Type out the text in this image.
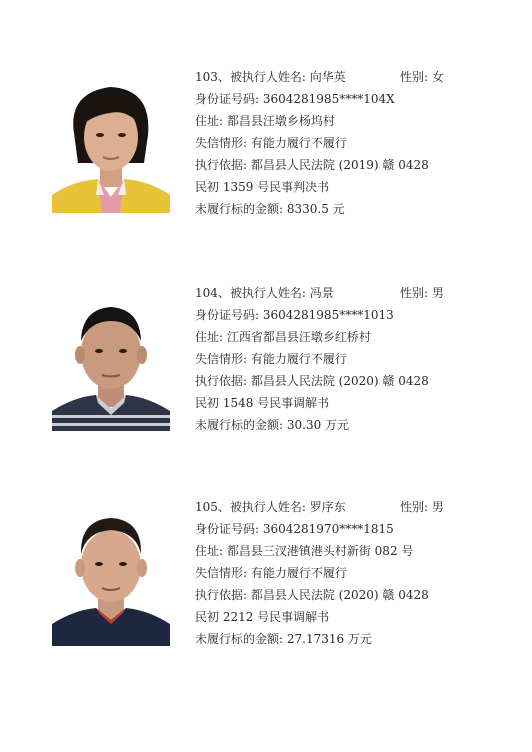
103、被执行人姓名: 向华英	性别: 女
身份证号码: 3604281985****104X
住址: 都昌县汪墩乡杨坞村
失信情形: 有能力履行不履行
执行依据: 都昌县人民法院 (2019) 赣 0428
民初 1359 号民事判决书
未履行标的金额: 8330.5 元
104、被执行人姓名: 冯景	性别: 男
身份证号码: 3604281985****1013
住址: 江西省都昌县汪墩乡红桥村
失信情形: 有能力履行不履行
执行依据: 都昌县人民法院 (2020) 赣 0428
民初 1548 号民事调解书
未履行标的金额: 30.30 万元
105、被执行人姓名: 罗序东	性别: 男
身份证号码: 3604281970****1815
住址: 都昌县三汊港镇港头村新街 082 号
失信情形: 有能力履行不履行
执行依据: 都昌县人民法院 (2020) 赣 0428
民初 2212 号民事调解书
未履行标的金额: 27.17316 万元
